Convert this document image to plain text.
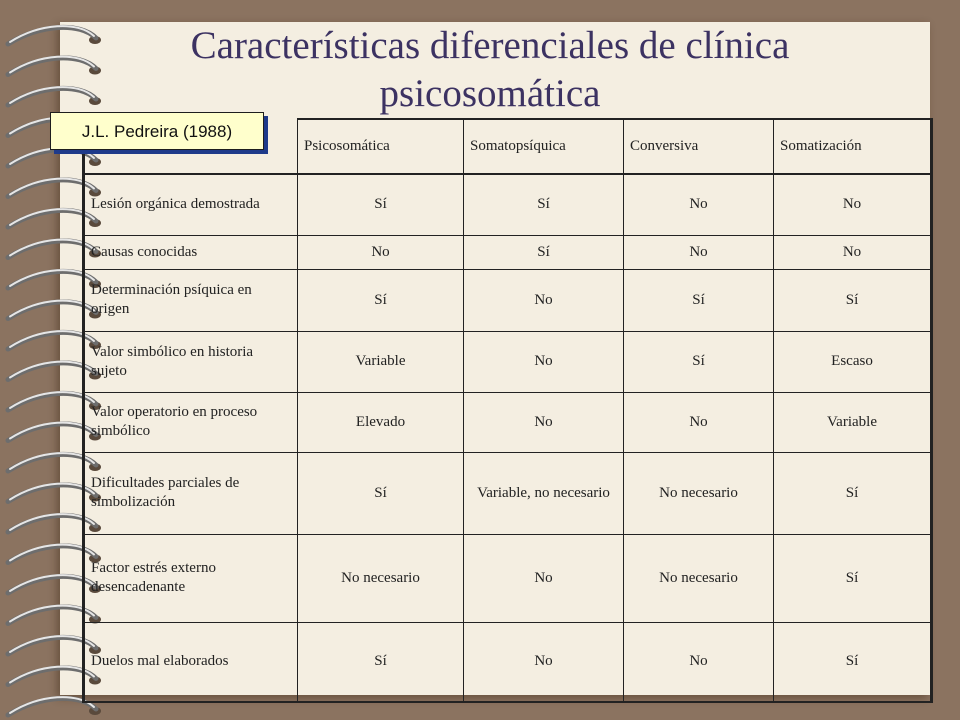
Características diferenciales de clínica
psicosomática
	Psicosomática	Somatopsíquica	Conversiva	Somatización
Lesión orgánica demostrada	Sí	Sí	No	No
Causas conocidas	No	Sí	No	No
Determinación psíquica en origen	Sí	No	Sí	Sí
Valor simbólico en historia sujeto	Variable	No	Sí	Escaso
Valor operatorio en proceso simbólico	Elevado	No	No	Variable
Dificultades parciales de simbolización	Sí	Variable, no necesario	No necesario	Sí
Factor estrés externo desencadenante	No necesario	No	No necesario	Sí
Duelos mal elaborados	Sí	No	No	Sí
J.L. Pedreira (1988)
